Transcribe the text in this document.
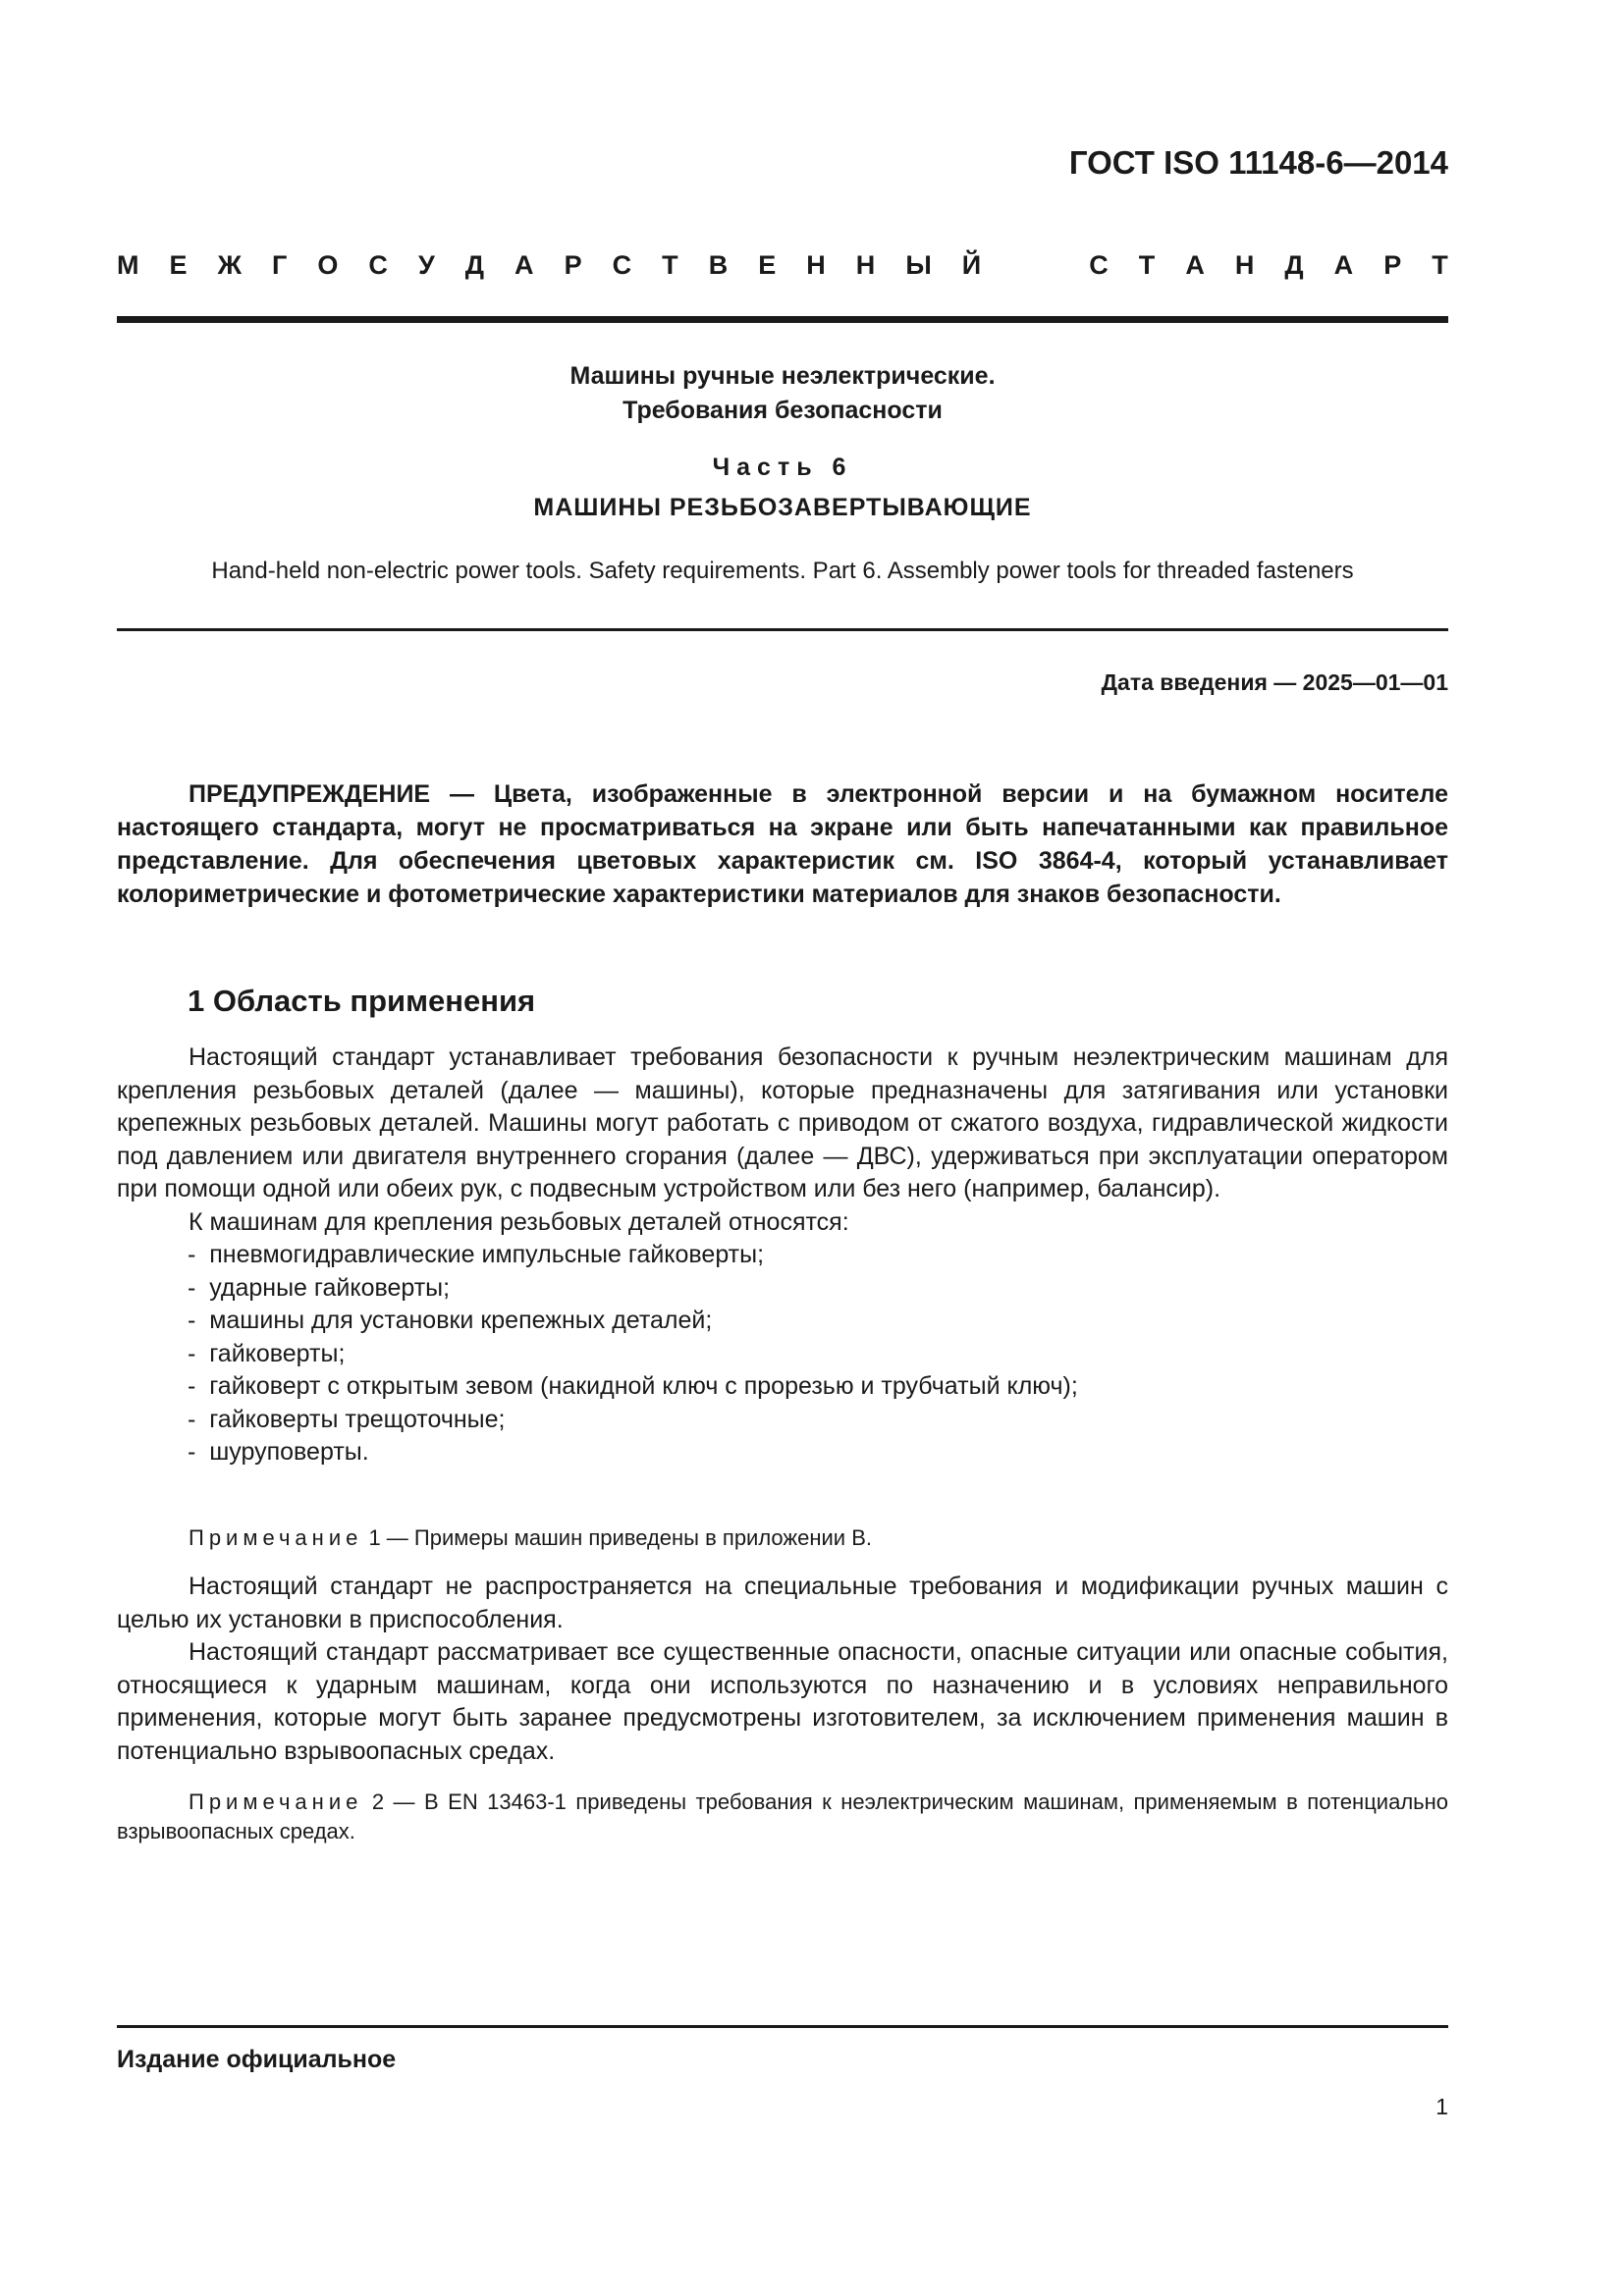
ГОСТ ISO 11148-6—2014
М Е Ж Г О С У Д А Р С Т В Е Н Н Ы Й	С Т А Н Д А Р Т
Машины ручные неэлектрические.
Требования безопасности
Часть 6
МАШИНЫ РЕЗЬБОЗАВЕРТЫВАЮЩИЕ
Hand-held non-electric power tools. Safety requirements. Part 6. Assembly power tools for threaded fasteners
Дата введения — 2025—01—01

ПРЕДУПРЕЖДЕНИЕ — Цвета, изображенные в электронной версии и на бумажном носителе настоящего стандарта, могут не просматриваться на экране или быть напечатанными как правильное представление. Для обеспечения цветовых характеристик см. ISO 3864-4, который устанавливает колориметрические и фотометрические характеристики материалов для знаков безопасности.

1 Область применения

Настоящий стандарт устанавливает требования безопасности к ручным неэлектрическим машинам для крепления резьбовых деталей (далее — машины), которые предназначены для затягивания или установки крепежных резьбовых деталей. Машины могут работать с приводом от сжатого воздуха, гидравлической жидкости под давлением или двигателя внутреннего сгорания (далее — ДВС), удерживаться при эксплуатации оператором при помощи одной или обеих рук, с подвесным устройством или без него (например, балансир).

К машинам для крепления резьбовых деталей относятся:

- пневмогидравлические импульсные гайковерты;
- ударные гайковерты;
- машины для установки крепежных деталей;
- гайковерты;
- гайковерт с открытым зевом (накидной ключ с прорезью и трубчатый ключ);
- гайковерты трещоточные;
- шуруповерты.

Примечание 1 — Примеры машин приведены в приложении В.

Настоящий стандарт не распространяется на специальные требования и модификации ручных машин с целью их установки в приспособления.

Настоящий стандарт рассматривает все существенные опасности, опасные ситуации или опасные события, относящиеся к ударным машинам, когда они используются по назначению и в условиях неправильного применения, которые могут быть заранее предусмотрены изготовителем, за исключением применения машин в потенциально взрывоопасных средах.

Примечание 2 — В EN 13463-1 приведены требования к неэлектрическим машинам, применяемым в потенциально взрывоопасных средах.

Издание официальное
1
